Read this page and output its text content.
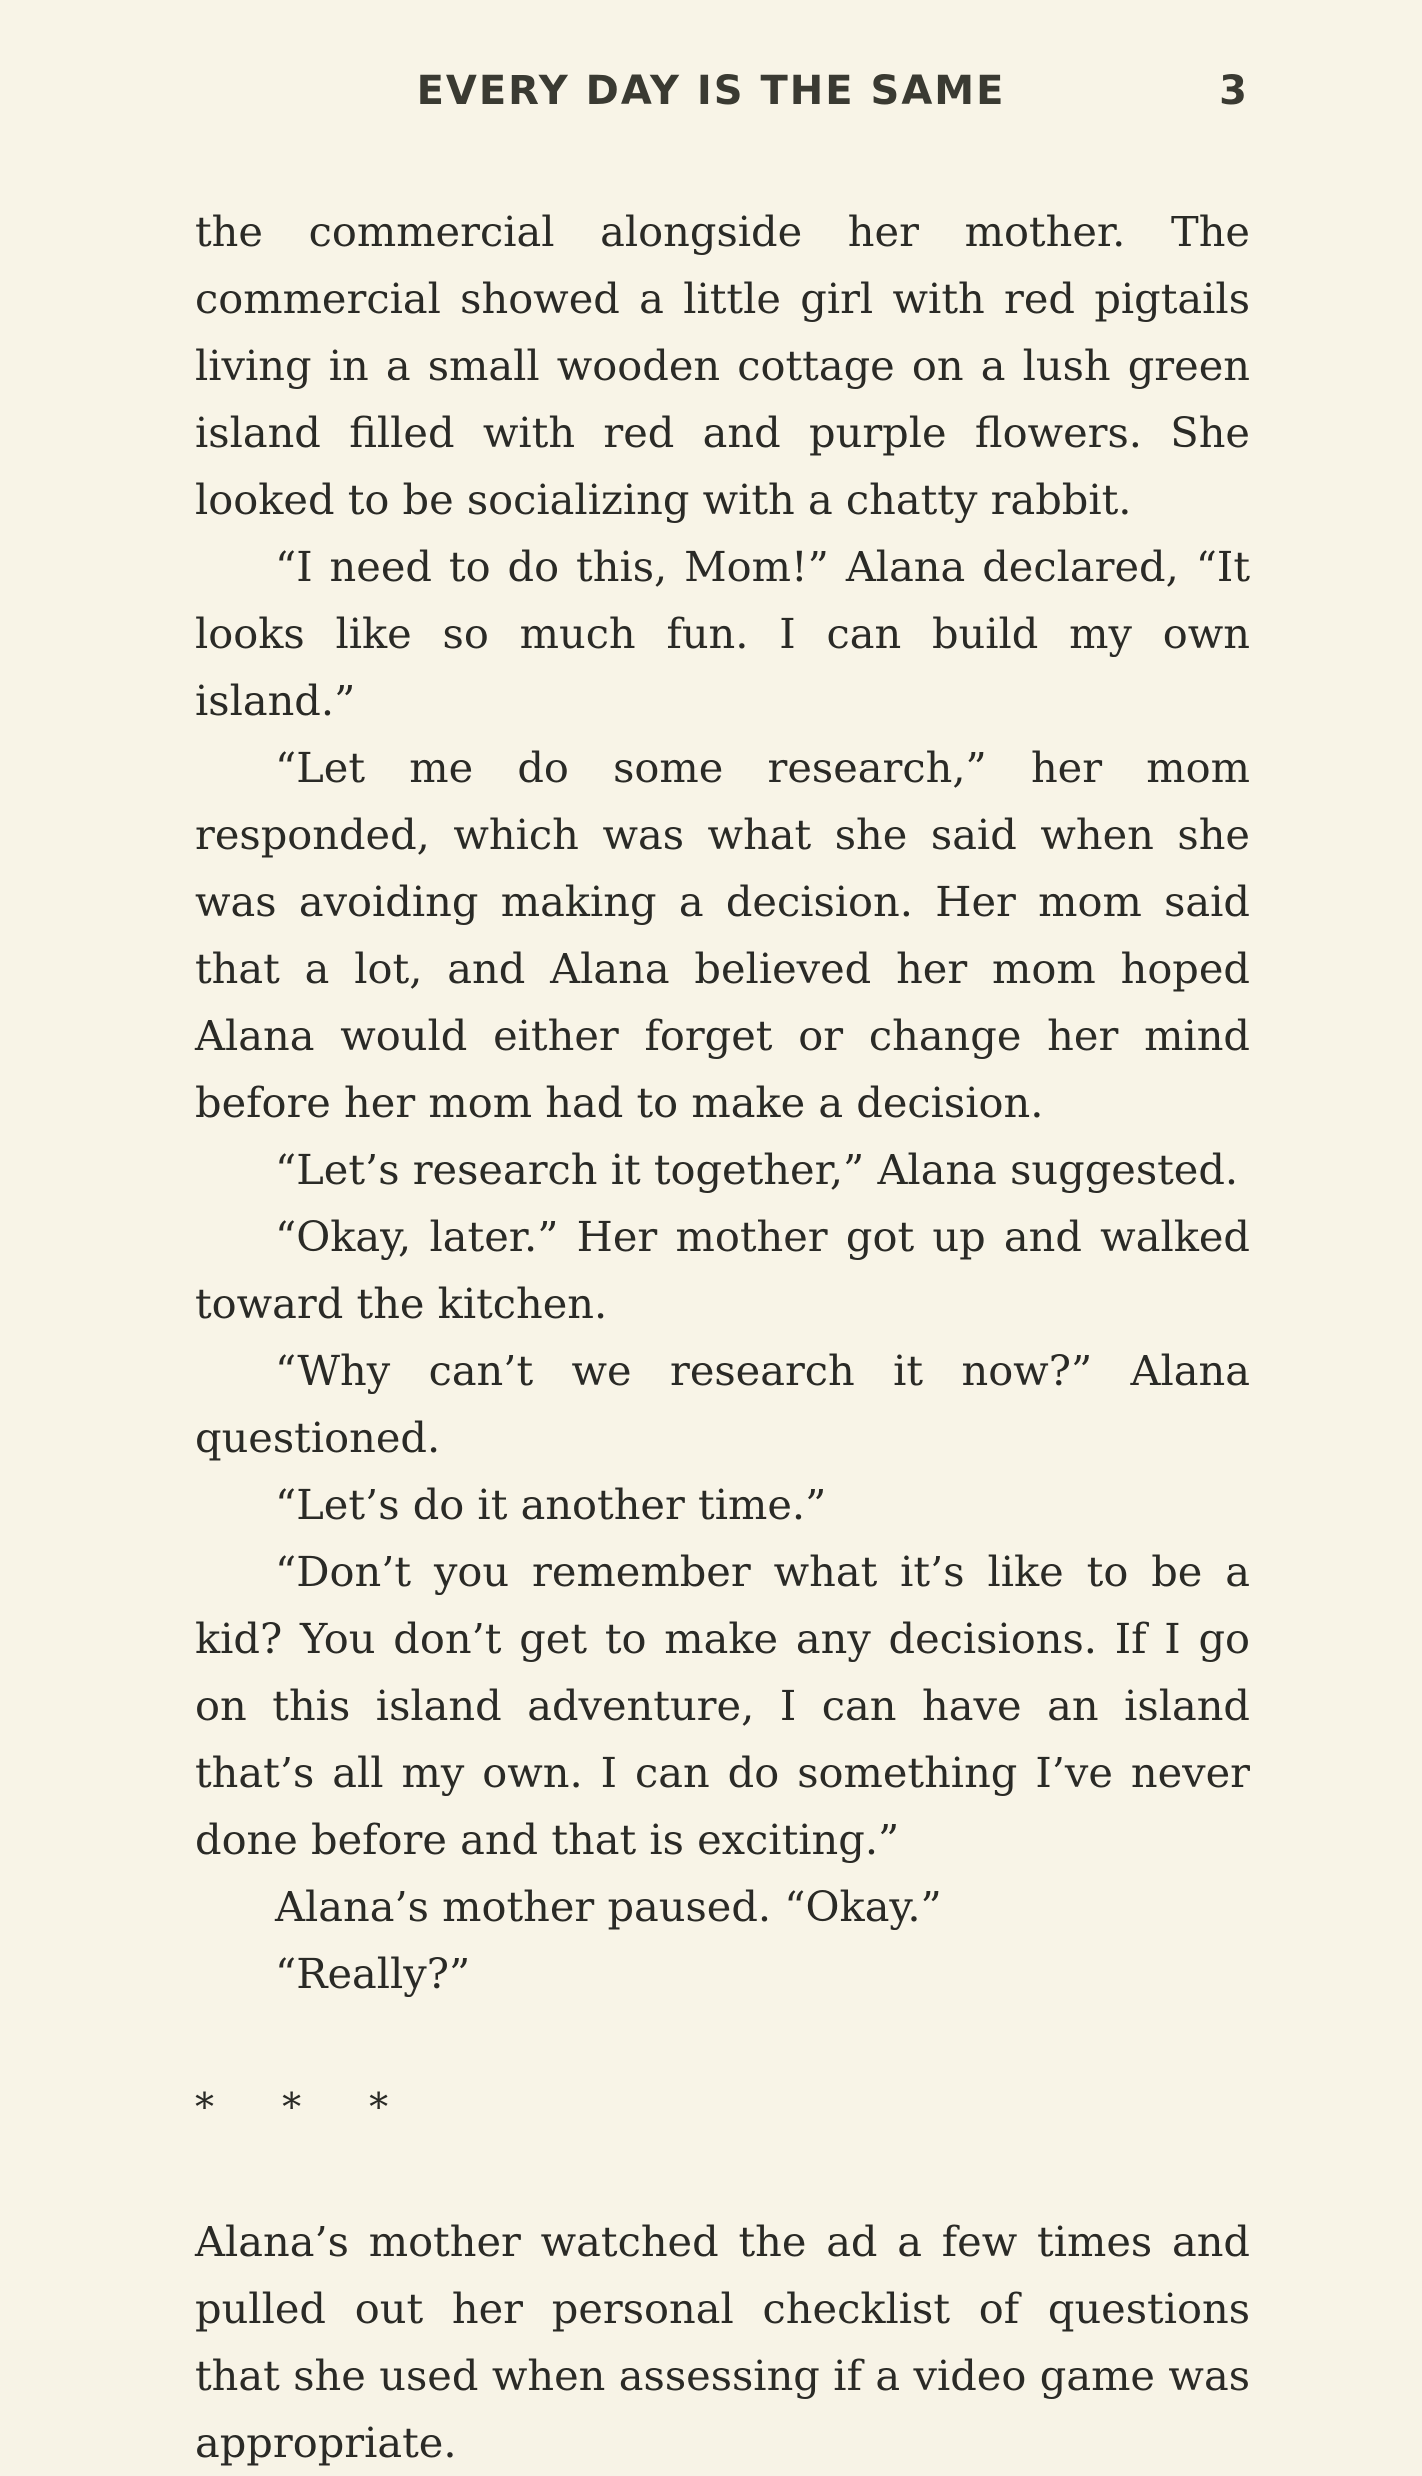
EVERY DAY IS THE SAME	3

the commercial alongside her mother. The commercial showed a little girl with red pigtails living in a small wooden cottage on a lush green island filled with red and purple flowers. She looked to be socializing with a chatty rabbit.

“I need to do this, Mom!” Alana declared, “It looks like so much fun. I can build my own island.”

“Let me do some research,” her mom responded, which was what she said when she was avoiding making a decision. Her mom said that a lot, and Alana believed her mom hoped Alana would either forget or change her mind before her mom had to make a decision.

“Let’s research it together,” Alana suggested.

“Okay, later.” Her mother got up and walked toward the kitchen.

“Why can’t we research it now?” Alana questioned.

“Let’s do it another time.”

“Don’t you remember what it’s like to be a kid? You don’t get to make any decisions. If I go on this island adventure, I can have an island that’s all my own. I can do something I’ve never done before and that is exciting.”

Alana’s mother paused. “Okay.”

“Really?”

* * *

Alana’s mother watched the ad a few times and pulled out her personal checklist of questions that she used when assessing if a video game was appropriate.
